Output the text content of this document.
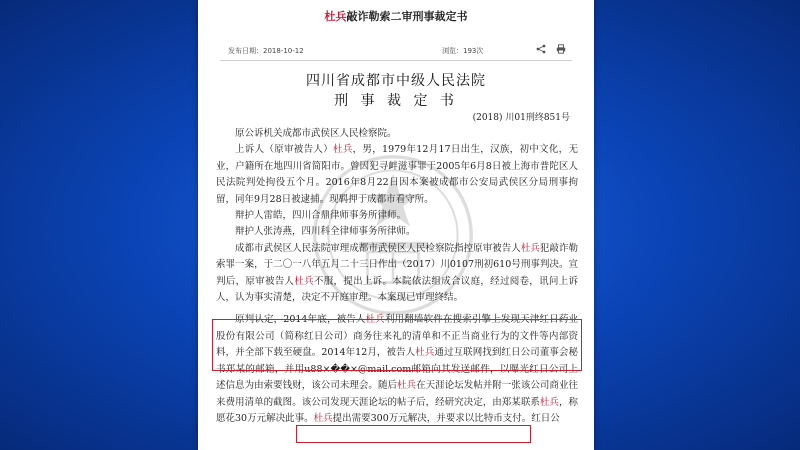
杜兵敲诈勒索二审刑事裁定书
发布日期：2018-10-12	浏览：193次
四川省成都市中级人民法院
刑 事 裁 定 书
(2018) 川01刑终851号

原公诉机关成都市武侯区人民检察院。

上诉人（原审被告人）杜兵，男，1979年12月17日出生，汉族，初中文化，无业，户籍所在地四川省简阳市。曾因犯寻衅滋事罪于2005年6月8日被上海市普陀区人民法院判处拘役五个月。2016年8月22日因本案被成都市公安局武侯区分局刑事拘留，同年9月28日被逮捕。现羁押于成都市看守所。

辩护人雷皓，四川合鼎律师事务所律师。

辩护人张涛燕，四川科全律师事务所律师。

成都市武侯区人民法院审理成都市武侯区人民检察院指控原审被告人杜兵犯敲诈勒索罪一案，于二〇一八年五月二十三日作出（2017）川0107刑初610号刑事判决。宣判后，原审被告人杜兵不服，提出上诉。本院依法组成合议庭，经过阅卷，讯问上诉人，认为事实清楚，决定不开庭审理。本案现已审理终结。

原判认定，2014年底，被告人杜兵利用翻墙软件在搜索引擎上发现天津红日药业股份有限公司（简称红日公司）商务往来礼的清单和不正当商业行为的文件等内部资料，并全部下载至硬盘。2014年12月，被告人杜兵通过互联网找到红日公司董事会秘书郑某的邮箱，并用u88×��×@mail.com邮箱向其发送邮件，以曝光红日公司上述信息为由索要钱财，该公司未理会。随后杜兵在天涯论坛发帖并附一张该公司商业往来费用清单的截图。该公司发现天涯论坛的帖子后，经研究决定，由郑某联系杜兵，称愿花30万元解决此事。杜兵提出需要300万元解决，并要求以比特币支付。红日公
